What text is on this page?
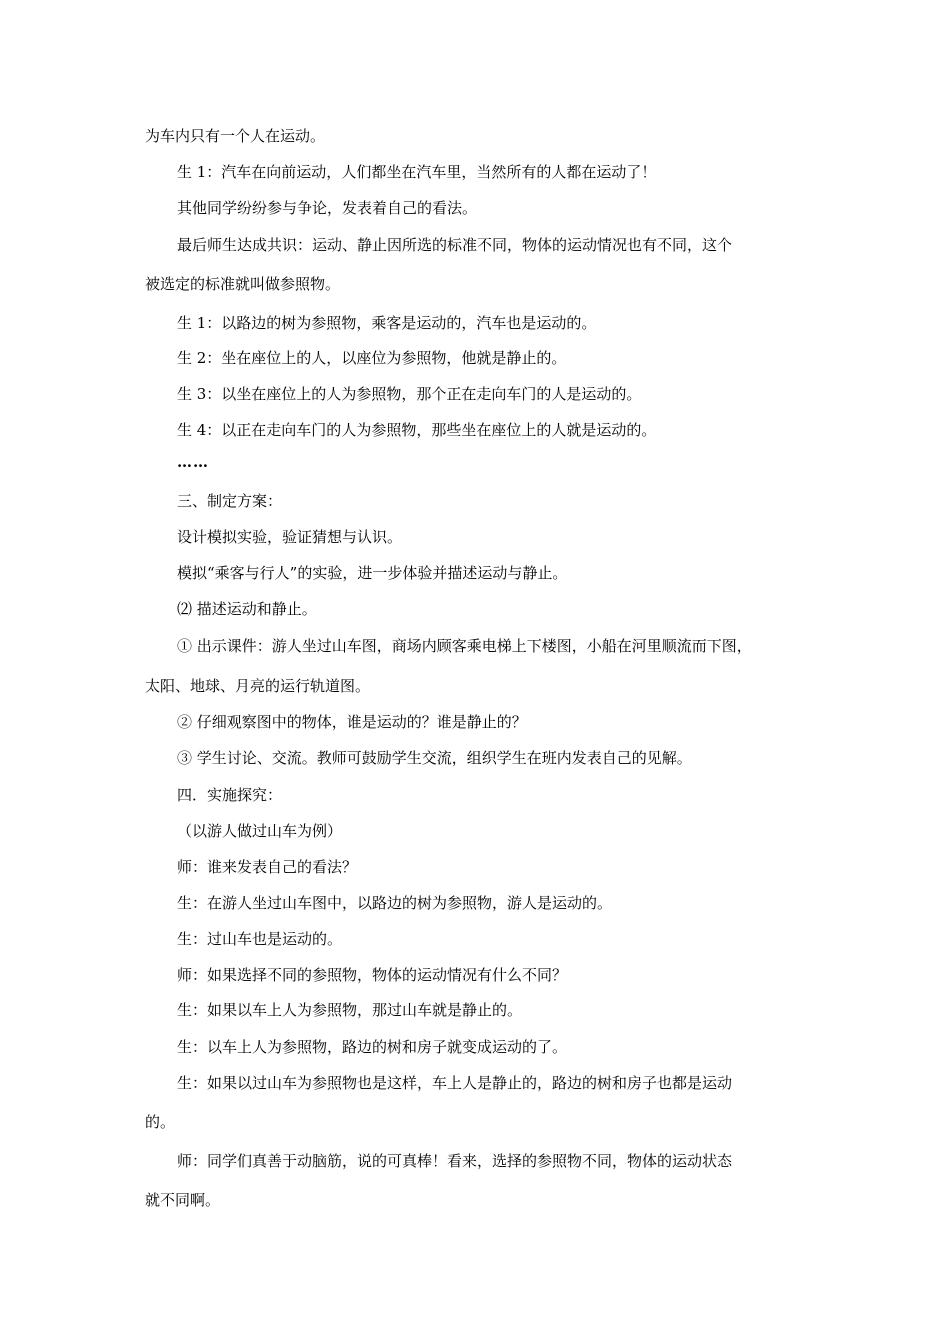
为车内只有一个人在运动。
生 1：汽车在向前运动，人们都坐在汽车里，当然所有的人都在运动了！
其他同学纷纷参与争论，发表着自己的看法。
最后师生达成共识：运动、静止因所选的标准不同，物体的运动情况也有不同，这个
被选定的标准就叫做参照物。
生 1：以路边的树为参照物，乘客是运动的，汽车也是运动的。
生 2：坐在座位上的人，以座位为参照物，他就是静止的。
生 3：以坐在座位上的人为参照物，那个正在走向车门的人是运动的。
生 4：以正在走向车门的人为参照物，那些坐在座位上的人就是运动的。
……
三、制定方案：
设计模拟实验，验证猜想与认识。
模拟“乘客与行人”的实验，进一步体验并描述运动与静止。
⑵ 描述运动和静止。
① 出示课件：游人坐过山车图，商场内顾客乘电梯上下楼图，小船在河里顺流而下图，
太阳、地球、月亮的运行轨道图。
② 仔细观察图中的物体，谁是运动的？谁是静止的？
③ 学生讨论、交流。教师可鼓励学生交流，组织学生在班内发表自己的见解。
四．实施探究：
（以游人做过山车为例）
师：谁来发表自己的看法？
生：在游人坐过山车图中，以路边的树为参照物，游人是运动的。
生：过山车也是运动的。
师：如果选择不同的参照物，物体的运动情况有什么不同？
生：如果以车上人为参照物，那过山车就是静止的。
生：以车上人为参照物，路边的树和房子就变成运动的了。
生：如果以过山车为参照物也是这样，车上人是静止的，路边的树和房子也都是运动
的。
师：同学们真善于动脑筋，说的可真棒！看来，选择的参照物不同，物体的运动状态
就不同啊。
